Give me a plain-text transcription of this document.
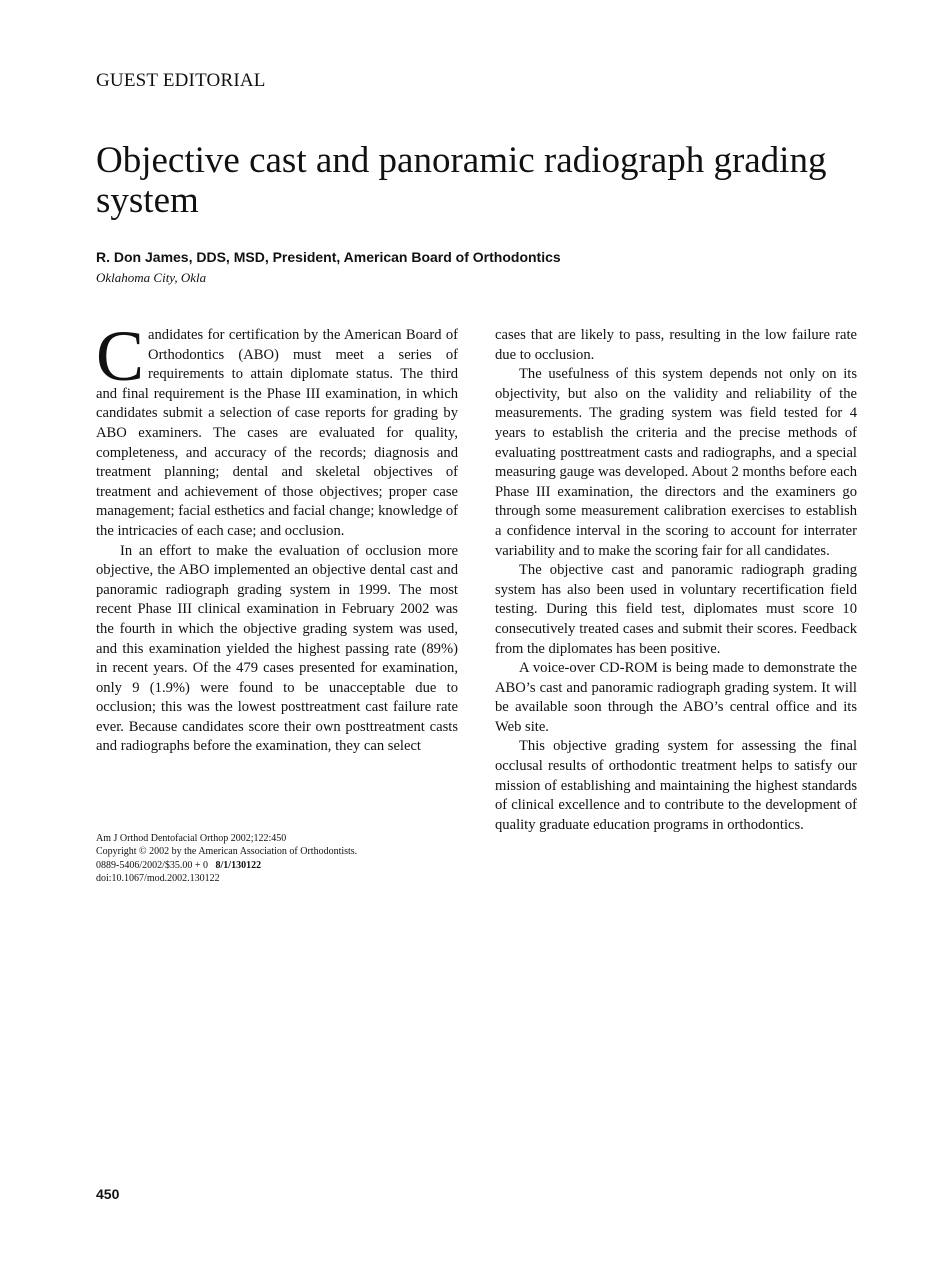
GUEST EDITORIAL
Objective cast and panoramic radiograph grading system
R. Don James, DDS, MSD, President, American Board of Orthodontics
Oklahoma City, Okla

Candidates for certification by the American Board of Orthodontics (ABO) must meet a series of requirements to attain diplomate status. The third and final requirement is the Phase III examination, in which candidates submit a selection of case reports for grading by ABO examiners. The cases are evaluated for quality, completeness, and accuracy of the records; diagnosis and treatment planning; dental and skeletal objectives of treatment and achievement of those objectives; proper case management; facial esthetics and facial change; knowledge of the intricacies of each case; and occlusion.

In an effort to make the evaluation of occlusion more objective, the ABO implemented an objective dental cast and panoramic radiograph grading system in 1999. The most recent Phase III clinical examination in February 2002 was the fourth in which the objective grading system was used, and this examination yielded the highest passing rate (89%) in recent years. Of the 479 cases presented for examination, only 9 (1.9%) were found to be unacceptable due to occlusion; this was the lowest posttreatment cast failure rate ever. Because candidates score their own posttreatment casts and radiographs before the examination, they can select

cases that are likely to pass, resulting in the low failure rate due to occlusion.

The usefulness of this system depends not only on its objectivity, but also on the validity and reliability of the measurements. The grading system was field tested for 4 years to establish the criteria and the precise methods of evaluating posttreatment casts and radiographs, and a special measuring gauge was developed. About 2 months before each Phase III examination, the directors and the examiners go through some measurement calibration exercises to establish a confidence interval in the scoring to account for interrater variability and to make the scoring fair for all candidates.

The objective cast and panoramic radiograph grading system has also been used in voluntary recertification field testing. During this field test, diplomates must score 10 consecutively treated cases and submit their scores. Feedback from the diplomates has been positive.

A voice-over CD-ROM is being made to demonstrate the ABO’s cast and panoramic radiograph grading system. It will be available soon through the ABO’s central office and its Web site.

This objective grading system for assessing the final occlusal results of orthodontic treatment helps to satisfy our mission of establishing and maintaining the highest standards of clinical excellence and to contribute to the development of quality graduate education programs in orthodontics.

Am J Orthod Dentofacial Orthop 2002;122:450
Copyright © 2002 by the American Association of Orthodontists.
0889-5406/2002/$35.00 + 0 8/1/130122
doi:10.1067/mod.2002.130122
450
